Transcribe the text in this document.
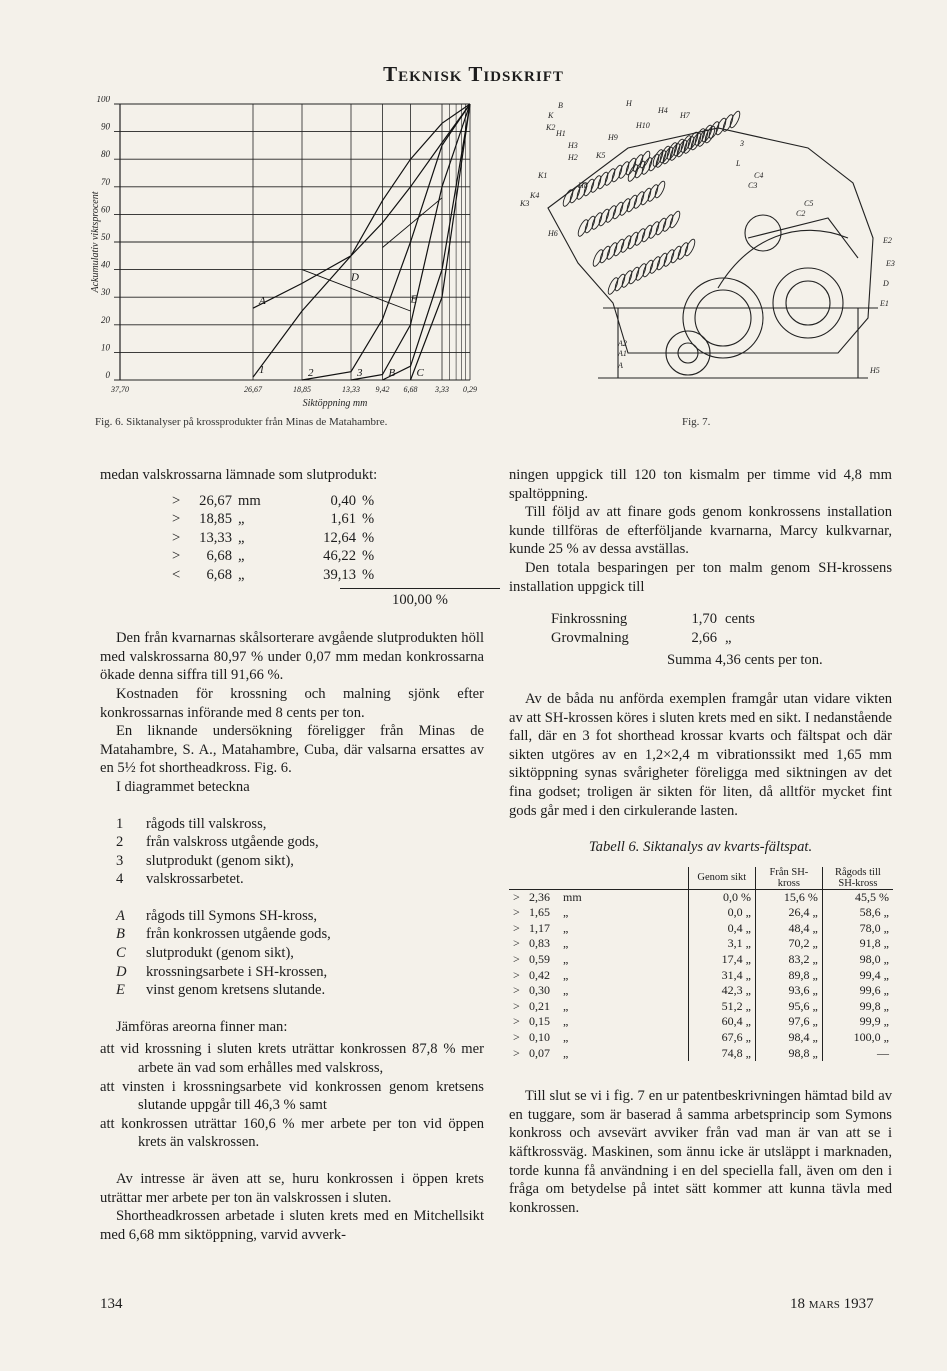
Teknisk Tidskrift
0
10
20
30
40
50
60
70
80
90
100
37,70	26,67	18,85	13,33 9,42 6,68 3,33 0,29
Ackumulativ viktsprocent
Siktöppning mm
1	2	3
A
B C
D
E
Fig. 6. Siktanalyser på krossprodukter från Minas de Matahambre.
B
K
H
K2
H1
H4
H7
H3
K5
K1
K3
K4
H8
H6
H10
H9
H2
3
L
C4
C3
C5
C2
E2
E3
D
E1
H5
A
A2
A1
Fig. 7.
medan valskrossarna lämnade som slutprodukt:
>	26,67 mm	0,40 %
>	18,85 „	1,61 %
>	13,33 „	12,64 %
>	6,68 „	46,22 %
<	6,68 „	39,13 %
100,00 %

Den från kvarnarnas skålsorterare avgående slutprodukten höll med valskrossarna 80,97 % under 0,07 mm medan konkrossarna ökade denna siffra till 91,66 %.

Kostnaden för krossning och malning sjönk efter konkrossarnas införande med 8 cents per ton.

En liknande undersökning föreligger från Minas de Matahambre, S. A., Matahambre, Cuba, där valsarna ersattes av en 5½ fot shortheadkross. Fig. 6.

I diagrammet beteckna

1	rågods till valskross,
2	från valskross utgående gods,
3	slutprodukt (genom sikt),
4	valskrossarbetet.
A	rågods till Symons SH-kross,
B	från konkrossen utgående gods,
C	slutprodukt (genom sikt),
D	krossningsarbete i SH-krossen,
E	vinst genom kretsens slutande.

Jämföras areorna finner man:

att vid krossning i sluten krets uträttar konkrossen 87,8 % mer arbete än vad som erhålles med valskross,
att vinsten i krossningsarbete vid konkrossen genom kretsens slutande uppgår till 46,3 % samt
att konkrossen uträttar 160,6 % mer arbete per ton vid öppen krets än valskrossen.

Av intresse är även att se, huru konkrossen i öppen krets uträttar mer arbete per ton än valskrossen i sluten.

Shortheadkrossen arbetade i sluten krets med en Mitchellsikt med 6,68 mm siktöppning, varvid avverk-

ningen uppgick till 120 ton kismalm per timme vid 4,8 mm spaltöppning.

Till följd av att finare gods genom konkrossens installation kunde tillföras de efterföljande kvarnarna, Marcy kulkvarnar, kunde 25 % av dessa avställas.

Den totala besparingen per ton malm genom SH-krossens installation uppgick till

Finkrossning	1,70 cents
Grovmalning	2,66 „
Summa 4,36 cents per ton.

Av de båda nu anförda exemplen framgår utan vidare vikten av att SH-krossen köres i sluten krets med en sikt. I nedanstående fall, där en 3 fot shorthead krossar kvarts och fältspat och där sikten utgöres av en 1,2×2,4 m vibrationssikt med 1,65 mm siktöppning synas svårigheter föreligga med siktningen av det fina godset; troligen är sikten för liten, då alltför mycket fint gods går med i den cirkulerande lasten.

Tabell 6. Siktanalys av kvarts-fältspat.
	Genom sikt	Från SH-kross	Rågods till SH-kross
> 2,36 mm	0,0 %	15,6 %	45,5 %
> 1,65 „	0,0 „	26,4 „	58,6 „
> 1,17 „	0,4 „	48,4 „	78,0 „
> 0,83 „	3,1 „	70,2 „	91,8 „
> 0,59 „	17,4 „	83,2 „	98,0 „
> 0,42 „	31,4 „	89,8 „	99,4 „
> 0,30 „	42,3 „	93,6 „	99,6 „
> 0,21 „	51,2 „	95,6 „	99,8 „
> 0,15 „	60,4 „	97,6 „	99,9 „
> 0,10 „	67,6 „	98,4 „	100,0 „
> 0,07 „	74,8 „	98,8 „	—

Till slut se vi i fig. 7 en ur patentbeskrivningen hämtad bild av en tuggare, som är baserad å samma arbetsprincip som Symons konkross och avsevärt avviker från vad man är van att se i käftkrossväg. Maskinen, som ännu icke är utsläppt i marknaden, torde kunna få användning i en del speciella fall, även om den i fråga om betydelse på intet sätt kommer att kunna tävla med konkrossen.

134	18 mars 1937
